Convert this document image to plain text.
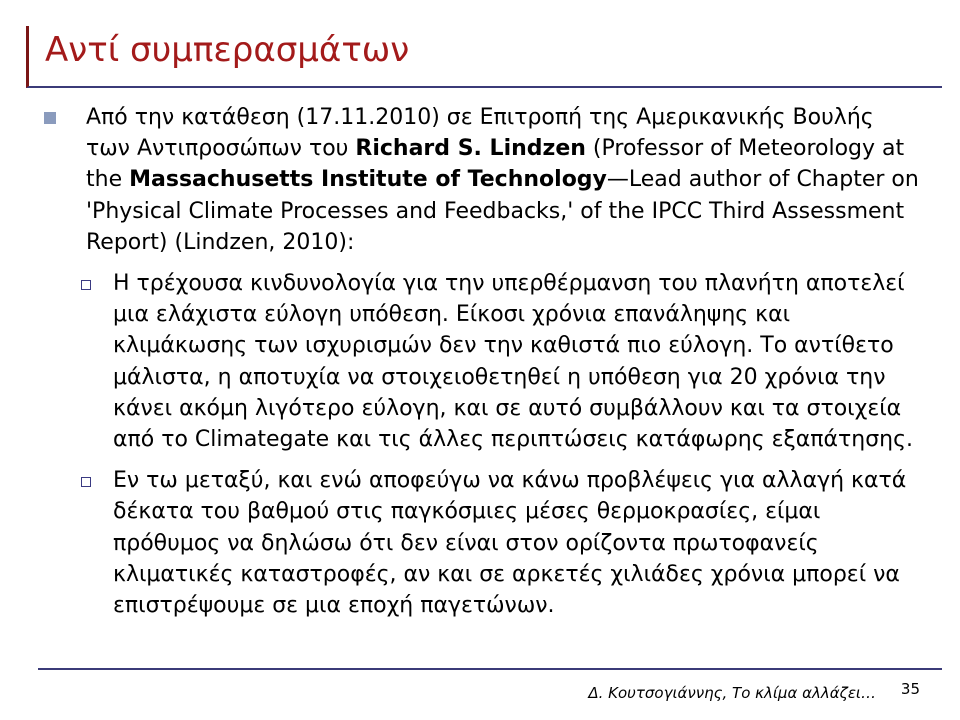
Αντί συμπερασμάτων
Από την κατάθεση (17.11.2010) σε Επιτροπή της Αμερικανικής Βουλής των Αντιπροσώπων του Richard S. Lindzen (Professor of Meteorology at the Massachusetts Institute of Technology—Lead author of Chapter on 'Physical Climate Processes and Feedbacks,' of the IPCC Third Assessment Report) (Lindzen, 2010):
Η τρέχουσα κινδυνολογία για την υπερθέρμανση του πλανήτη αποτελεί μια ελάχιστα εύλογη υπόθεση. Είκοσι χρόνια επανάληψης και κλιμάκωσης των ισχυρισμών δεν την καθιστά πιο εύλογη. Το αντίθετο μάλιστα, η αποτυχία να στοιχειοθετηθεί η υπόθεση για 20 χρόνια την κάνει ακόμη λιγότερο εύλογη, και σε αυτό συμβάλλουν και τα στοιχεία από το Climategate και τις άλλες περιπτώσεις κατάφωρης εξαπάτησης.
Εν τω μεταξύ, και ενώ αποφεύγω να κάνω προβλέψεις για αλλαγή κατά δέκατα του βαθμού στις παγκόσμιες μέσες θερμοκρασίες, είμαι πρόθυμος να δηλώσω ότι δεν είναι στον ορίζοντα πρωτοφανείς κλιματικές καταστροφές, αν και σε αρκετές χιλιάδες χρόνια μπορεί να επιστρέψουμε σε μια εποχή παγετώνων.
Δ. Κουτσογιάννης, Το κλίμα αλλάζει… 35
